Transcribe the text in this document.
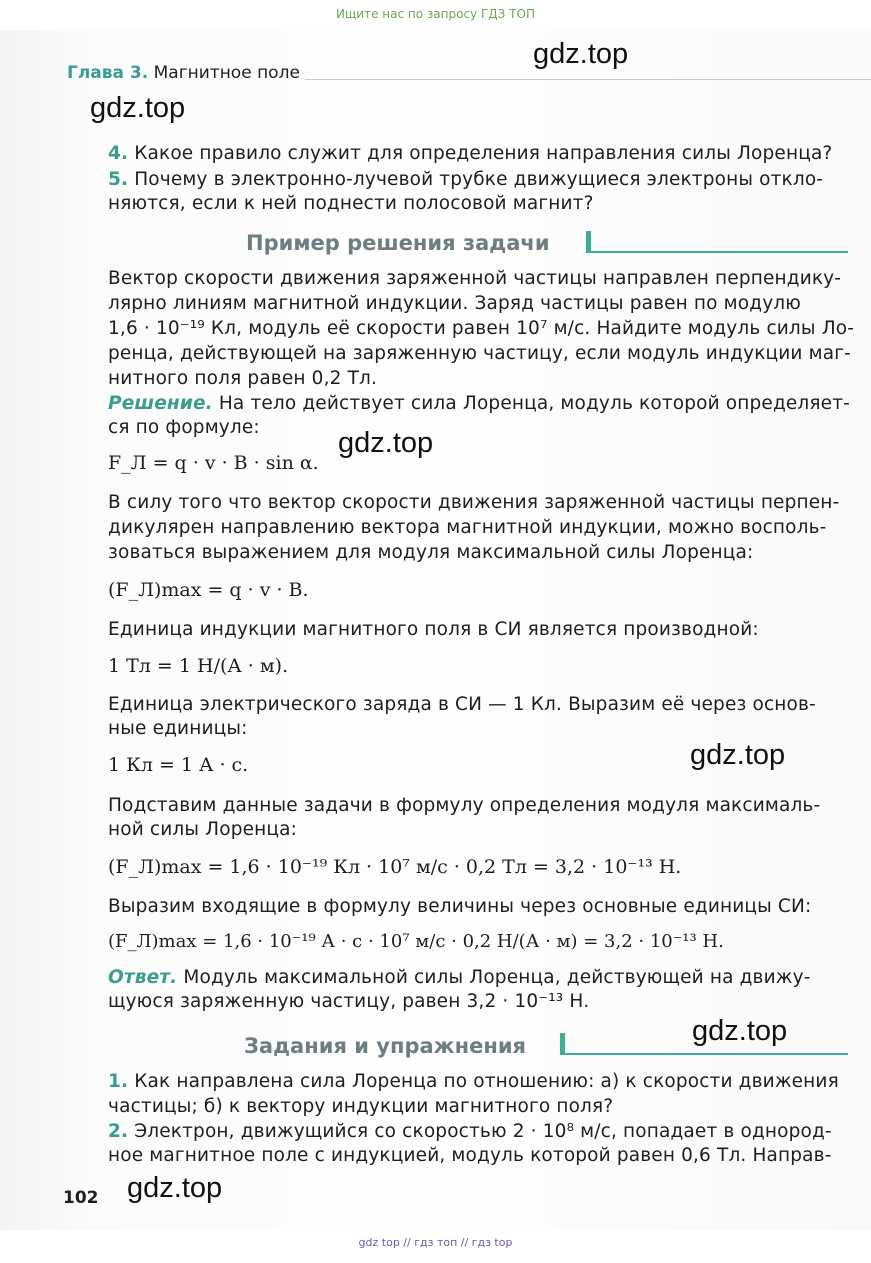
Ищите нас по запросу ГДЗ ТОП
gdz.top
gdz.top
gdz.top
gdz.top
gdz.top
gdz.top
Глава 3. Магнитное поле
4. Какое правило служит для определения направления силы Лоренца?
5. Почему в электронно-лучевой трубке движущиеся электроны откло-
няются, если к ней поднести полосовой магнит?
Пример решения задачи
Вектор скорости движения заряженной частицы направлен перпендику-
лярно линиям магнитной индукции. Заряд частицы равен по модулю
1,6 · 10⁻¹⁹ Кл, модуль её скорости равен 10⁷ м/с. Найдите модуль силы Ло-
ренца, действующей на заряженную частицу, если модуль индукции маг-
нитного поля равен 0,2 Тл.
Решение. На тело действует сила Лоренца, модуль которой определяет-
ся по формуле:
F_Л = q · v · B · sin α.
В силу того что вектор скорости движения заряженной частицы перпен-
дикулярен направлению вектора магнитной индукции, можно восполь-
зоваться выражением для модуля максимальной силы Лоренца:
(F_Л)max = q · v · B.
Единица индукции магнитного поля в СИ является производной:
1 Тл = 1 Н/(А · м).
Единица электрического заряда в СИ — 1 Кл. Выразим её через основ-
ные единицы:
1 Кл = 1 А · с.
Подставим данные задачи в формулу определения модуля максималь-
ной силы Лоренца:
(F_Л)max = 1,6 · 10⁻¹⁹ Кл · 10⁷ м/с · 0,2 Тл = 3,2 · 10⁻¹³ Н.
Выразим входящие в формулу величины через основные единицы СИ:
(F_Л)max = 1,6 · 10⁻¹⁹ А · с · 10⁷ м/с · 0,2 Н/(А · м) = 3,2 · 10⁻¹³ Н.
Ответ. Модуль максимальной силы Лоренца, действующей на движу-
щуюся заряженную частицу, равен 3,2 · 10⁻¹³ Н.
Задания и упражнения
1. Как направлена сила Лоренца по отношению: а) к скорости движения
частицы; б) к вектору индукции магнитного поля?
2. Электрон, движущийся со скоростью 2 · 10⁸ м/с, попадает в однород-
ное магнитное поле с индукцией, модуль которой равен 0,6 Тл. Направ-
102
gdz top // гдз топ // гдз top
